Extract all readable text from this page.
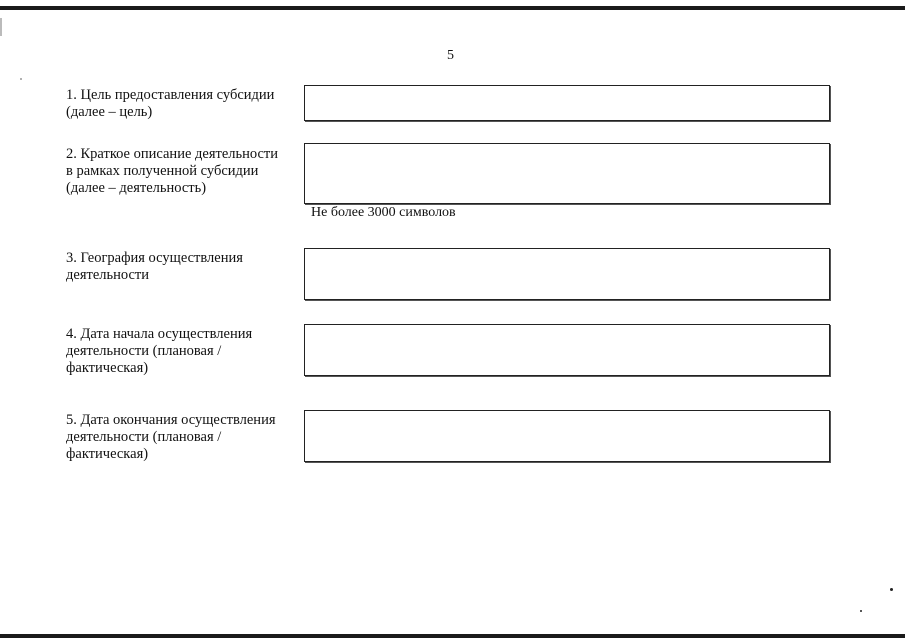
5
1. Цель предоставления субсидии
(далее – цель)
2. Краткое описание деятельности
в рамках полученной субсидии
(далее – деятельность)
Не более 3000 символов
3. География осуществления
деятельности
4. Дата начала осуществления
деятельности (плановая /
фактическая)
5. Дата окончания осуществления
деятельности (плановая /
фактическая)
